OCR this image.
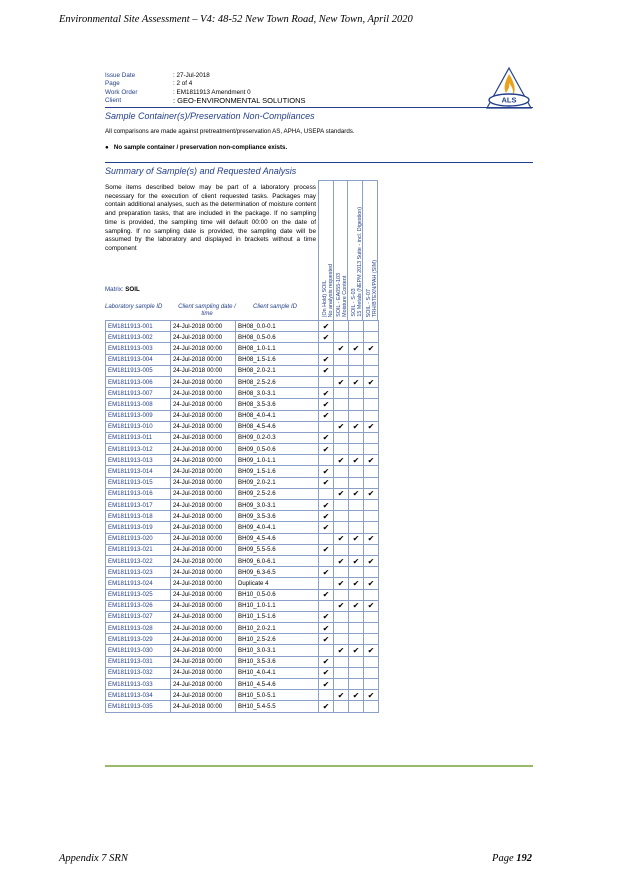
Environmental Site Assessment – V4: 48-52 New Town Road, New Town, April 2020
Issue Date	: 27-Jul-2018
Page	: 2 of 4
Work Order	: EM1811913 Amendment 0
Client	: GEO-ENVIRONMENTAL SOLUTIONS	ALS
Sample Container(s)/Preservation Non-Compliances
All comparisons are made against pretreatment/preservation AS, APHA, USEPA standards.
●   No sample container / preservation non-compliance exists.
Summary of Sample(s) and Requested Analysis
Some items described below may be part of a laboratory process necessary for the execution of client requested tasks. Packages may contain additional analyses, such as the determination of moisture content and preparation tasks, that are included in the package. If no sampling time is provided, the sampling time will default 00:00 on the date of sampling. If no sampling date is provided, the sampling date will be assumed by the laboratory and displayed in brackets without a time component
Matrix: SOIL
Laboratory sample ID	Client sampling date / time
Client sample ID
(On Hold) SOIL
No analysis requested
SOIL - EA055-103
Moisture Content
SOIL - S-03
15 Metals (NEPM 2013 Suite - incl. Digestion)
SOIL - S-07
TRH/BTEXN/PAH (SIM)
EM1811913-001	24-Jul-2018 00:00	BH08_0.0-0.1	✔			
EM1811913-002	24-Jul-2018 00:00	BH08_0.5-0.6	✔			
EM1811913-003	24-Jul-2018 00:00	BH08_1.0-1.1		✔	✔	✔
EM1811913-004	24-Jul-2018 00:00	BH08_1.5-1.6	✔			
EM1811913-005	24-Jul-2018 00:00	BH08_2.0-2.1	✔			
EM1811913-006	24-Jul-2018 00:00	BH08_2.5-2.6		✔	✔	✔
EM1811913-007	24-Jul-2018 00:00	BH08_3.0-3.1	✔			
EM1811913-008	24-Jul-2018 00:00	BH08_3.5-3.6	✔			
EM1811913-009	24-Jul-2018 00:00	BH08_4.0-4.1	✔			
EM1811913-010	24-Jul-2018 00:00	BH08_4.5-4.6		✔	✔	✔
EM1811913-011	24-Jul-2018 00:00	BH09_0.2-0.3	✔			
EM1811913-012	24-Jul-2018 00:00	BH09_0.5-0.6	✔			
EM1811913-013	24-Jul-2018 00:00	BH09_1.0-1.1		✔	✔	✔
EM1811913-014	24-Jul-2018 00:00	BH09_1.5-1.6	✔			
EM1811913-015	24-Jul-2018 00:00	BH09_2.0-2.1	✔			
EM1811913-016	24-Jul-2018 00:00	BH09_2.5-2.6		✔	✔	✔
EM1811913-017	24-Jul-2018 00:00	BH09_3.0-3.1	✔			
EM1811913-018	24-Jul-2018 00:00	BH09_3.5-3.6	✔			
EM1811913-019	24-Jul-2018 00:00	BH09_4.0-4.1	✔			
EM1811913-020	24-Jul-2018 00:00	BH09_4.5-4.6		✔	✔	✔
EM1811913-021	24-Jul-2018 00:00	BH09_5.5-5.6	✔			
EM1811913-022	24-Jul-2018 00:00	BH09_6.0-6.1		✔	✔	✔
EM1811913-023	24-Jul-2018 00:00	BH09_6.3-6.5	✔			
EM1811913-024	24-Jul-2018 00:00	Duplicate 4		✔	✔	✔
EM1811913-025	24-Jul-2018 00:00	BH10_0.5-0.6	✔			
EM1811913-026	24-Jul-2018 00:00	BH10_1.0-1.1		✔	✔	✔
EM1811913-027	24-Jul-2018 00:00	BH10_1.5-1.6	✔			
EM1811913-028	24-Jul-2018 00:00	BH10_2.0-2.1	✔			
EM1811913-029	24-Jul-2018 00:00	BH10_2.5-2.6	✔			
EM1811913-030	24-Jul-2018 00:00	BH10_3.0-3.1		✔	✔	✔
EM1811913-031	24-Jul-2018 00:00	BH10_3.5-3.6	✔			
EM1811913-032	24-Jul-2018 00:00	BH10_4.0-4.1	✔			
EM1811913-033	24-Jul-2018 00:00	BH10_4.5-4.6	✔			
EM1811913-034	24-Jul-2018 00:00	BH10_5.0-5.1		✔	✔	✔
EM1811913-035	24-Jul-2018 00:00	BH10_5.4-5.5	✔			
Appendix 7 SRN	Page 192
